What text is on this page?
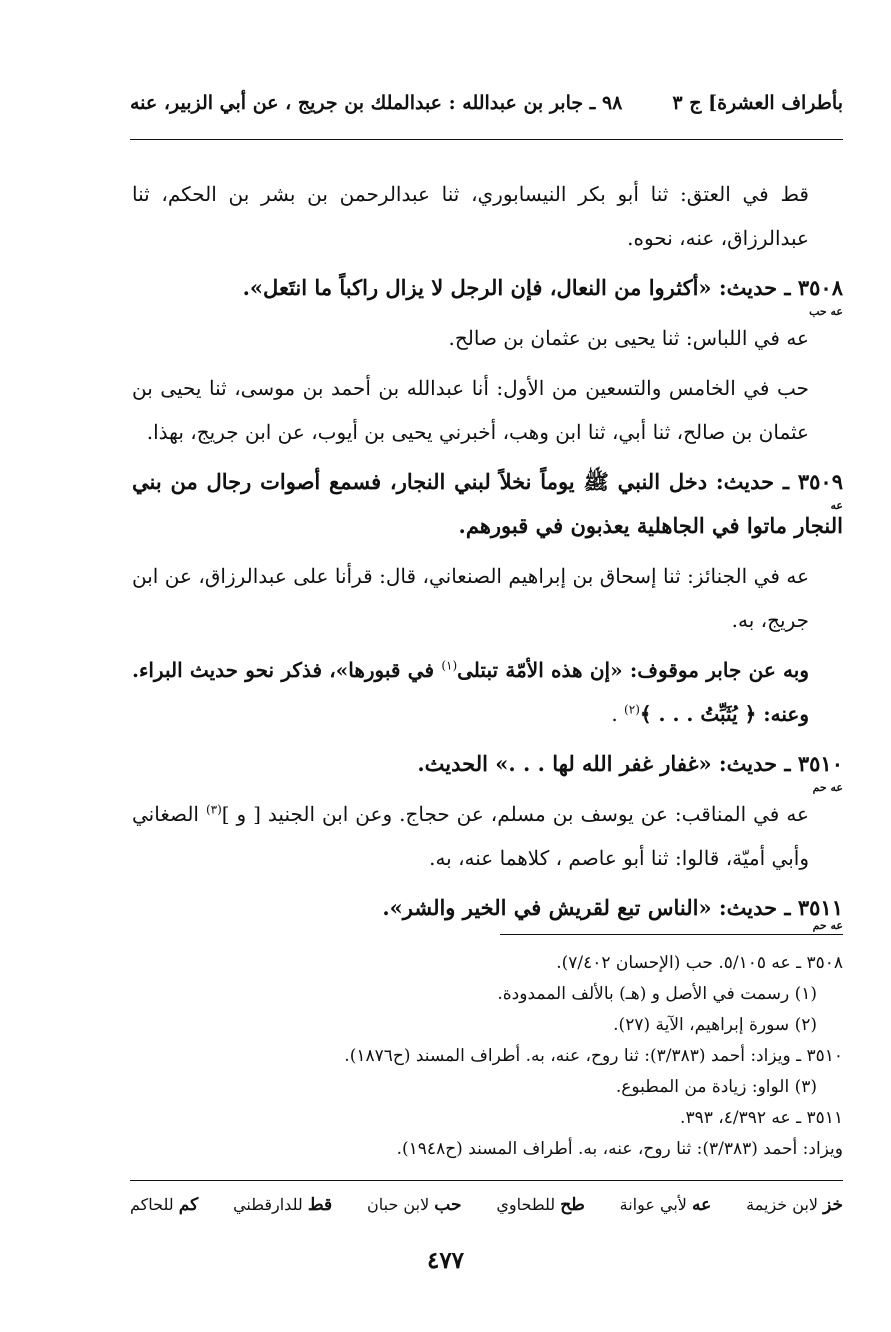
بأطراف العشرة] ج ٣
٩٨ ـ جابر بن عبدالله : عبدالملك بن جريج ، عن أبي الزبير، عنه

قط في العتق: ثنا أبو بكر النيسابوري، ثنا عبدالرحمن بن بشر بن الحكم، ثنا عبدالرزاق، عنه، نحوه.

٣٥٠٨ ـ حديث: «أكثروا من النعال، فإن الرجل لا يزال راكباً ما انتَعل».
عه حب

عه في اللباس: ثنا يحيى بن عثمان بن صالح.

حب في الخامس والتسعين من الأول: أنا عبدالله بن أحمد بن موسى، ثنا يحيى بن عثمان بن صالح، ثنا أبي، ثنا ابن وهب، أخبرني يحيى بن أيوب، عن ابن جريج، بهذا.

٣٥٠٩ ـ حديث: دخل النبي ﷺ يوماً نخلاً لبني النجار، فسمع أصوات رجال من بني النجار ماتوا في الجاهلية يعذبون في قبورهم.
عه

عه في الجنائز: ثنا إسحاق بن إبراهيم الصنعاني، قال: قرأنا على عبدالرزاق، عن ابن جريج، به.

وبه عن جابر موقوف: «إن هذه الأمّة تبتلى$^{(١)}$ في قبورها»، فذكر نحو حديث البراء. وعنه: ﴿ يُثَبِّتُ . . . ﴾$^{(٢)}$ .

٣٥١٠ ـ حديث: «غفار غفر الله لها . . .» الحديث.
عه حم

عه في المناقب: عن يوسف بن مسلم، عن حجاج. وعن ابن الجنيد [ و ]$^{(٣)}$ الصغاني وأبي أميّة، قالوا: ثنا أبو عاصم ، كلاهما عنه، به.

٣٥١١ ـ حديث: «الناس تبع لقريش في الخير والشر».
عه حم

٣٥٠٨ ـ عه ٥/١٠٥. حب (الإحسان ٧/٤٠٢).
(١) رسمت في الأصل و (هـ) بالألف الممدودة.
(٢) سورة إبراهيم، الآية (٢٧).
٣٥١٠ ـ ويزاد: أحمد (٣/٣٨٣): ثنا روح، عنه، به. أطراف المسند (ح١٨٧٦).
(٣) الواو: زيادة من المطبوع.
٣٥١١ ـ عه ٤/٣٩٢، ٣٩٣.
ويزاد: أحمد (٣/٣٨٣): ثنا روح، عنه، به. أطراف المسند (ح١٩٤٨).
خز لابن خزيمة
عه لأبي عوانة
طح للطحاوي
حب لابن حبان
قط للدارقطني
كم للحاكم
٤٧٧
